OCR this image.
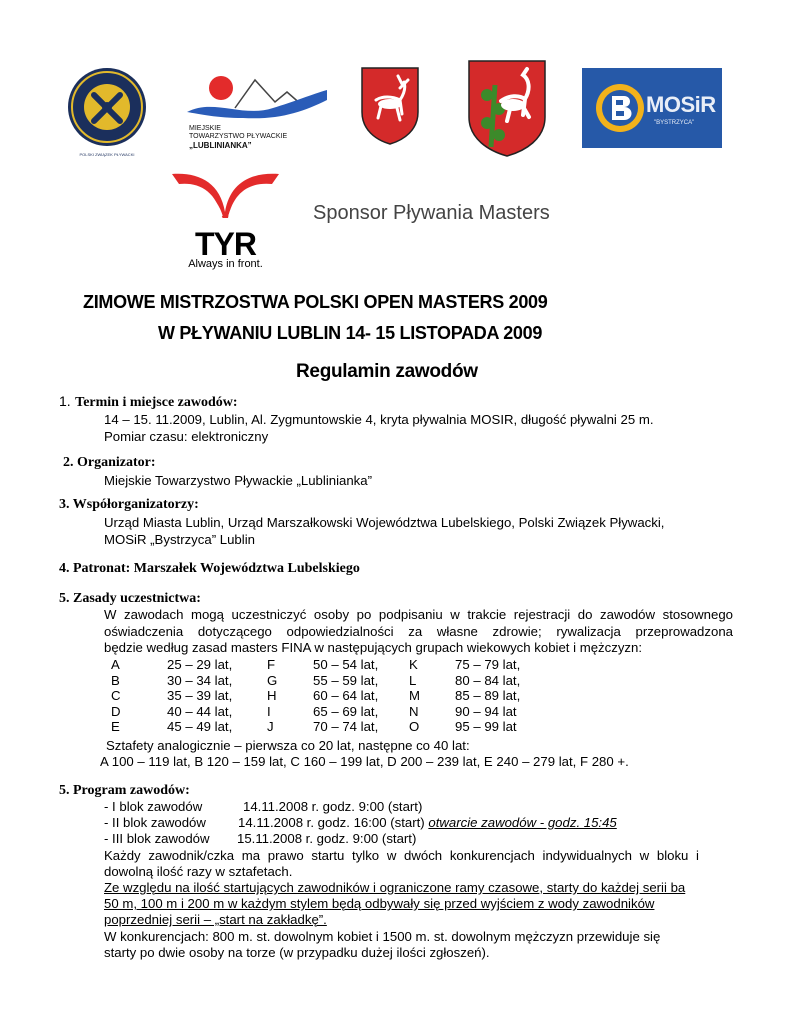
POLSKI ZWIĄZEK PŁYWACKI
MIEJSKIE
TOWARZYSTWO PŁYWACKIE
„LUBLINIANKA”
MOSiR
"BYSTRZYCA"
TYR
Always in front.
Sponsor Pływania Masters
ZIMOWE MISTRZOSTWA POLSKI OPEN MASTERS 2009
W PŁYWANIU LUBLIN 14- 15 LISTOPADA 2009
Regulamin zawodów
1. Termin i miejsce zawodów:
14 – 15. 11.2009, Lublin, Al. Zygmuntowskie 4, kryta pływalnia MOSIR, długość pływalni 25 m.
Pomiar czasu: elektroniczny
2. Organizator:
Miejskie Towarzystwo Pływackie „Lublinianka”
3. Współorganizatorzy:
Urząd Miasta Lublin, Urząd Marszałkowski Województwa Lubelskiego, Polski Związek Pływacki,
MOSiR „Bystrzyca” Lublin
4. Patronat: Marszałek Województwa Lubelskiego
5. Zasady uczestnictwa:
W zawodach mogą uczestniczyć osoby po podpisaniu w trakcie rejestracji do zawodów stosownego
oświadczenia dotyczącego odpowiedzialności za własne zdrowie; rywalizacja przeprowadzona
będzie według zasad masters FINA w następujących grupach wiekowych kobiet i mężczyzn:
A	25 – 29 lat,	F	50 – 54 lat,	K	75 – 79 lat,
B	30 – 34 lat,	G	55 – 59 lat,	L	80 – 84 lat,
C	35 – 39 lat,	H	60 – 64 lat,	M	85 – 89 lat,
D	40 – 44 lat,	I	65 – 69 lat,	N	90 – 94 lat
E	45 – 49 lat,	J	70 – 74 lat,	O	95 – 99 lat
Sztafety analogicznie – pierwsza co 20 lat, następne co 40 lat:
A 100 – 119 lat, B 120 – 159 lat, C 160 – 199 lat, D 200 – 239 lat, E 240 – 279 lat, F 280 +.
5. Program zawodów:
- I blok zawodów	14.11.2008 r. godz. 9:00 (start)
- II blok zawodów 14.11.2008 r. godz. 16:00 (start) otwarcie zawodów - godz. 15:45
- III blok zawodów 15.11.2008 r. godz. 9:00 (start)
Każdy zawodnik/czka ma prawo startu tylko w dwóch konkurencjach indywidualnych w bloku i
dowolną ilość razy w sztafetach.
Ze względu na ilość startujących zawodników i ograniczone ramy czasowe, starty do każdej serii ba
50 m, 100 m i 200 m w każdym stylem będą odbywały się przed wyjściem z wody zawodników
poprzedniej serii – „start na zakładkę”.
W konkurencjach: 800 m. st. dowolnym kobiet i 1500 m. st. dowolnym mężczyzn przewiduje się
starty po dwie osoby na torze (w przypadku dużej ilości zgłoszeń).
